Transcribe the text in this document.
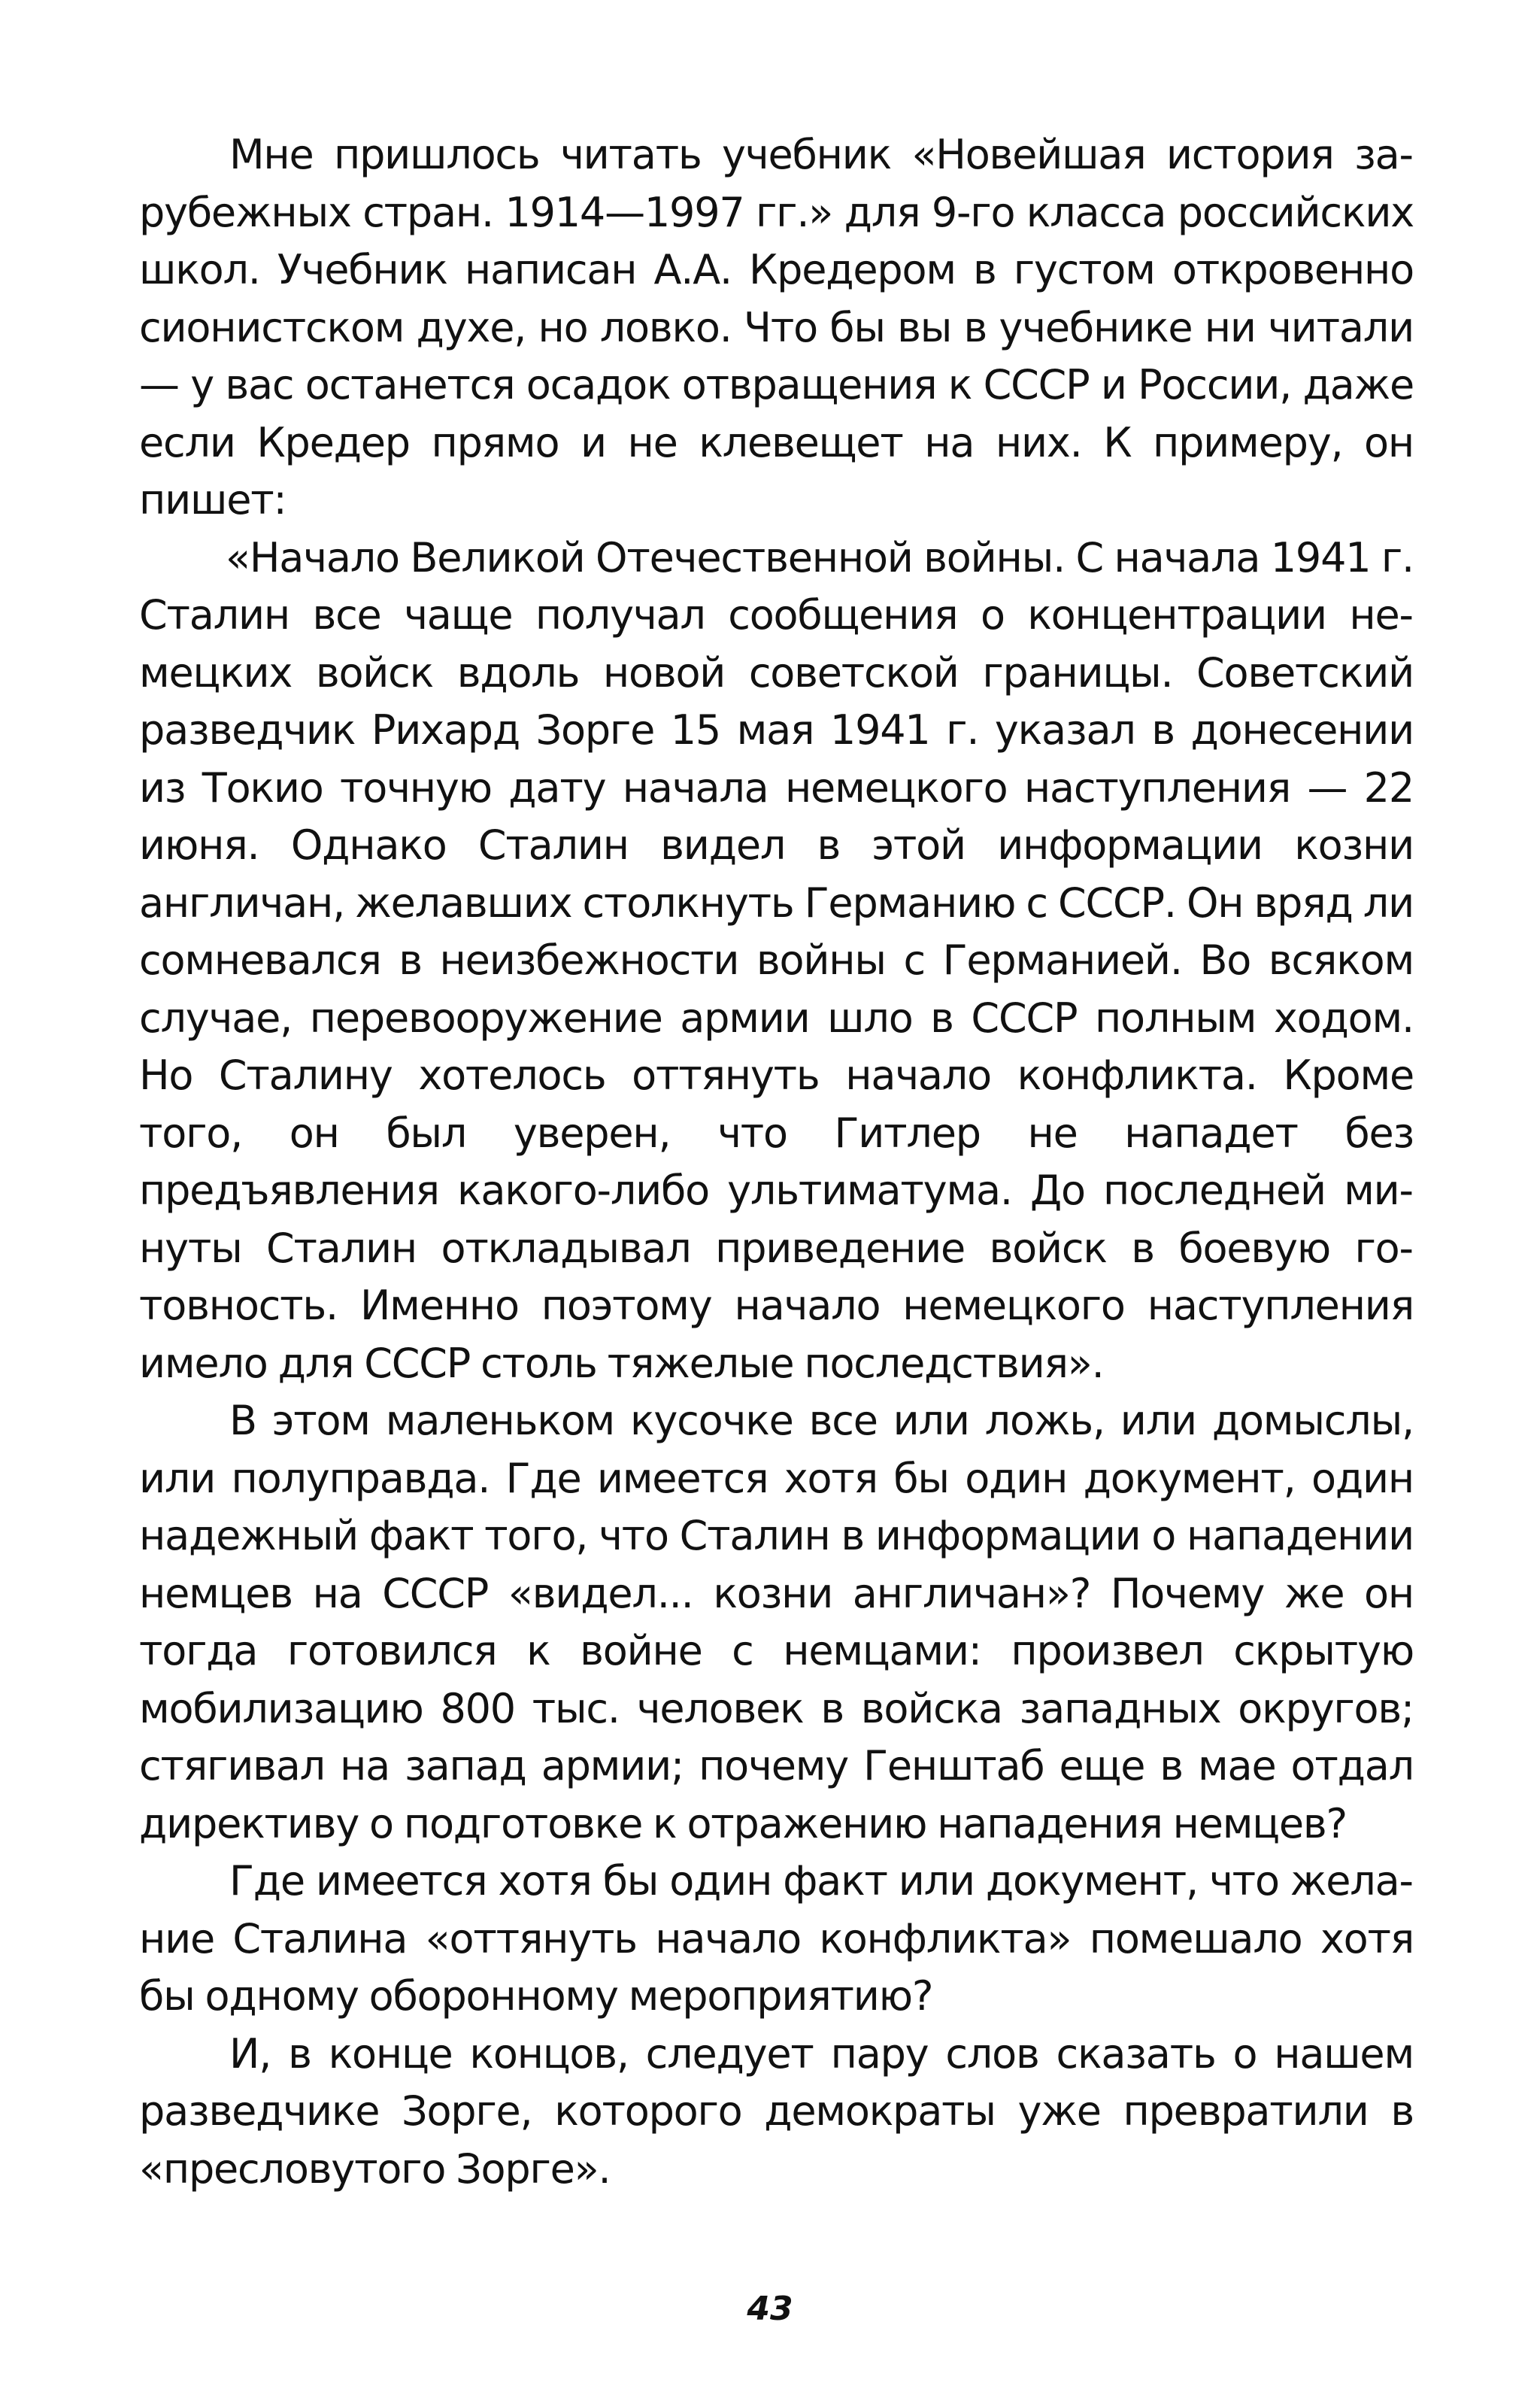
Мне пришлось читать учебник «Новейшая история зарубежных стран. 1914—1997 гг.» для 9-го класса российских школ. Учебник написан А.А. Кредером в густом откровенно сионистском духе, но ловко. Что бы вы в учебнике ни читали — у вас останется осадок отвращения к СССР и России, даже если Кредер прямо и не клевещет на них. К примеру, он пишет:

«Начало Великой Отечественной войны. С начала 1941 г. Сталин все чаще получал сообщения о концентрации немецких войск вдоль новой советской границы. Советский разведчик Рихард Зорге 15 мая 1941 г. указал в донесении из Токио точную дату начала немецкого наступления — 22 июня. Однако Сталин видел в этой информации козни англичан, желавших столкнуть Германию с СССР. Он вряд ли сомневался в неизбежности войны с Германией. Во всяком случае, перевооружение армии шло в СССР полным ходом. Но Сталину хотелось оттянуть начало конфликта. Кроме того, он был уверен, что Гитлер не нападет без предъявления какого-либо ультиматума. До последней минуты Сталин откладывал приведение войск в боевую готовность. Именно поэтому начало немецкого наступления имело для СССР столь тяжелые последствия».

В этом маленьком кусочке все или ложь, или домыслы, или полуправда. Где имеется хотя бы один документ, один надежный факт того, что Сталин в информации о нападении немцев на СССР «видел... козни англичан»? Почему же он тогда готовился к войне с немцами: произвел скрытую мобилизацию 800 тыс. человек в войска западных округов; стягивал на запад армии; почему Генштаб еще в мае отдал директиву о подготовке к отражению нападения немцев?

Где имеется хотя бы один факт или документ, что желание Сталина «оттянуть начало конфликта» помешало хотя бы одному оборонному мероприятию?

И, в конце концов, следует пару слов сказать о нашем разведчике Зорге, которого демократы уже превратили в «пресловутого Зорге».

43
